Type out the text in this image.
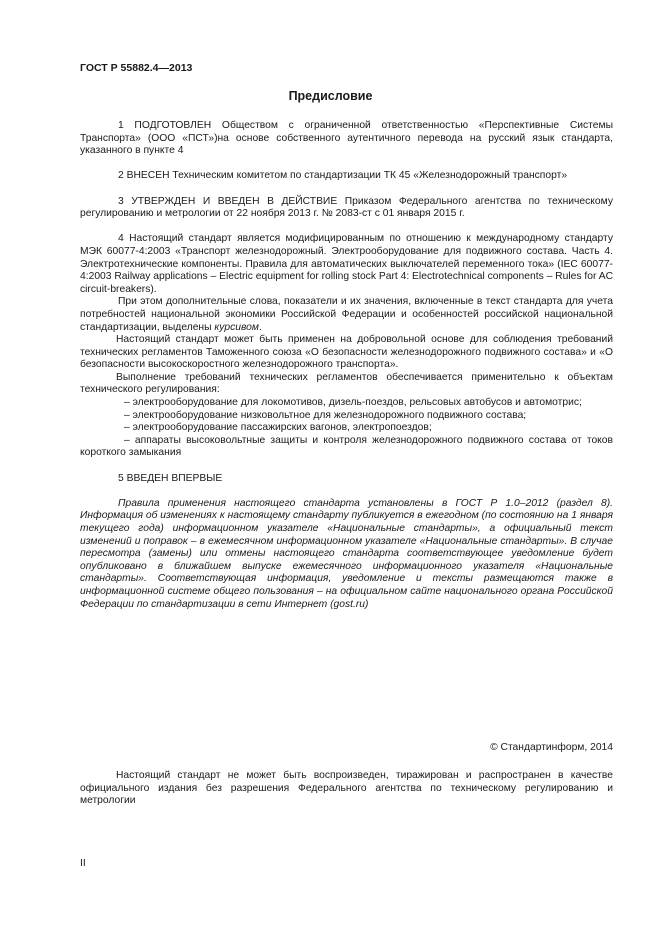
ГОСТ Р 55882.4—2013
Предисловие

1 ПОДГОТОВЛЕН Обществом с ограниченной ответственностью «Перспективные Системы Транспорта» (ООО «ПСТ»)на основе собственного аутентичного перевода на русский язык стандарта, указанного в пункте 4

2 ВНЕСЕН Техническим комитетом по стандартизации ТК 45 «Железнодорожный транспорт»

3 УТВЕРЖДЕН И ВВЕДЕН В ДЕЙСТВИЕ Приказом Федерального агентства по техническому регулированию и метрологии от 22 ноября 2013 г. № 2083-ст с 01 января 2015 г.

4 Настоящий стандарт является модифицированным по отношению к международному стандарту МЭК 60077-4:2003 «Транспорт железнодорожный. Электрооборудование для подвижного состава. Часть 4. Электротехнические компоненты. Правила для автоматических выключателей переменного тока» (IEC 60077-4:2003 Railway applications – Electric equipment for rolling stock Part 4: Electrotechnical components – Rules for AC circuit-breakers).

При этом дополнительные слова, показатели и их значения, включенные в текст стандарта для учета потребностей национальной экономики Российской Федерации и особенностей российской национальной стандартизации, выделены курсивом.

Настоящий стандарт может быть применен на добровольной основе для соблюдения требований технических регламентов Таможенного союза «О безопасности железнодорожного подвижного состава» и «О безопасности высокоскоростного железнодорожного транспорта».

Выполнение требований технических регламентов обеспечивается применительно к объектам технического регулирования:

– электрооборудование для локомотивов, дизель-поездов, рельсовых автобусов и автомотрис;

– электрооборудование низковольтное для железнодорожного подвижного состава;

– электрооборудование пассажирских вагонов, электропоездов;

– аппараты высоковольтные защиты и контроля железнодорожного подвижного состава от токов короткого замыкания

5 ВВЕДЕН ВПЕРВЫЕ

Правила применения настоящего стандарта установлены в ГОСТ Р 1.0–2012 (раздел 8). Информация об изменениях к настоящему стандарту публикуется в ежегодном (по состоянию на 1 января текущего года) информационном указателе «Национальные стандарты», а официальный текст изменений и поправок – в ежемесячном информационном указателе «Национальные стандарты». В случае пересмотра (замены) или отмены настоящего стандарта соответствующее уведомление будет опубликовано в ближайшем выпуске ежемесячного информационного указателя «Национальные стандарты». Соответствующая информация, уведомление и тексты размещаются также в информационной системе общего пользования – на официальном сайте национального органа Российской Федерации по стандартизации в сети Интернет (gost.ru)

© Стандартинформ, 2014

Настоящий стандарт не может быть воспроизведен, тиражирован и распространен в качестве официального издания без разрешения Федерального агентства по техническому регулированию и метрологии

II
